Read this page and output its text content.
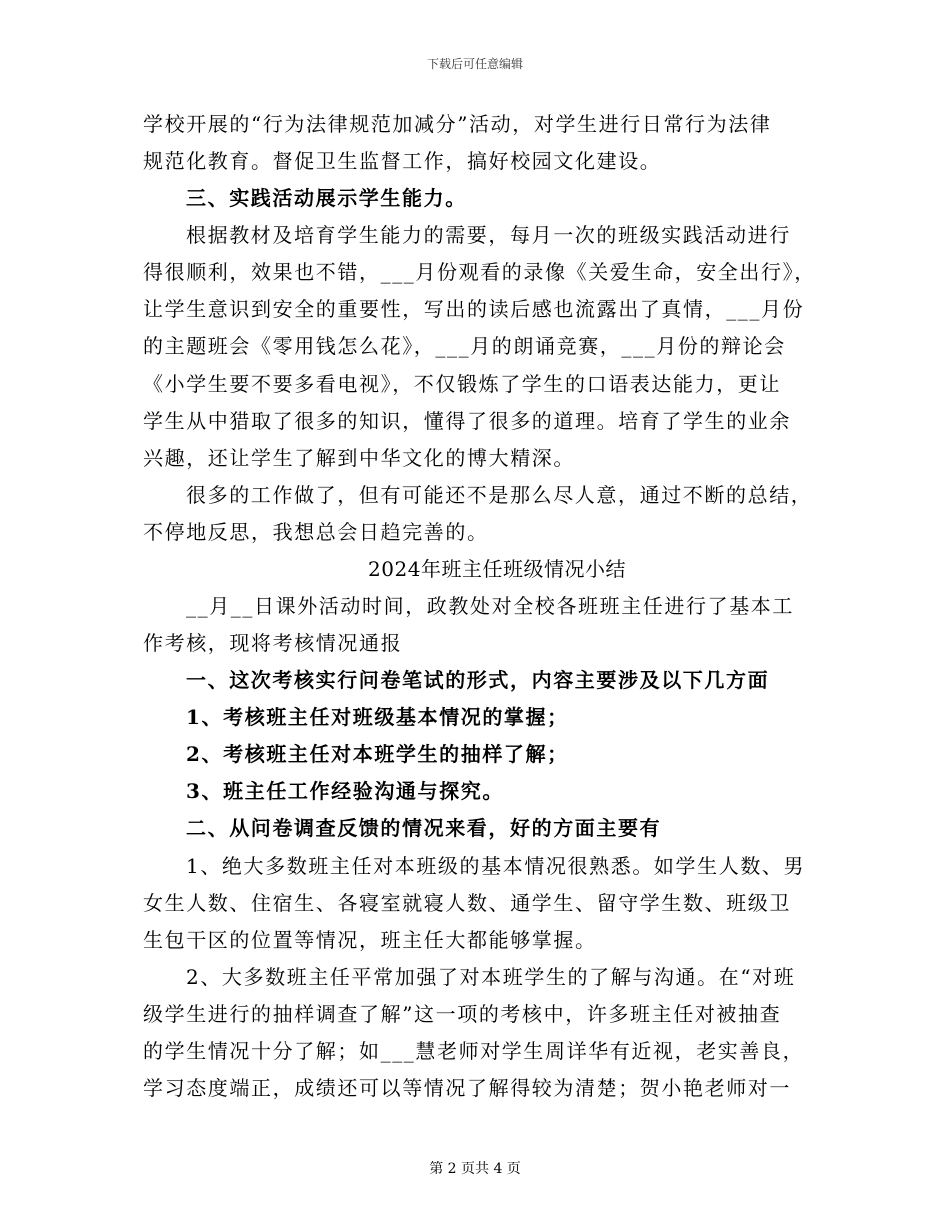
下载后可任意编辑
学校开展的“行为法律规范加减分”活动，对学生进行日常行为法律
规范化教育。督促卫生监督工作，搞好校园文化建设。
三、实践活动展示学生能力。
根据教材及培育学生能力的需要，每月一次的班级实践活动进行
得很顺利，效果也不错，___月份观看的录像《关爱生命，安全出行》，
让学生意识到安全的重要性，写出的读后感也流露出了真情，___月份
的主题班会《零用钱怎么花》，___月的朗诵竞赛，___月份的辩论会
《小学生要不要多看电视》，不仅锻炼了学生的口语表达能力，更让
学生从中猎取了很多的知识，懂得了很多的道理。培育了学生的业余
兴趣，还让学生了解到中华文化的博大精深。
很多的工作做了，但有可能还不是那么尽人意，通过不断的总结，
不停地反思，我想总会日趋完善的。
2024年班主任班级情况小结
__月__日课外活动时间，政教处对全校各班班主任进行了基本工
作考核，现将考核情况通报
一、这次考核实行问卷笔试的形式，内容主要涉及以下几方面
1、考核班主任对班级基本情况的掌握；
2、考核班主任对本班学生的抽样了解；
3、班主任工作经验沟通与探究。
二、从问卷调查反馈的情况来看，好的方面主要有
1、绝大多数班主任对本班级的基本情况很熟悉。如学生人数、男
女生人数、住宿生、各寝室就寝人数、通学生、留守学生数、班级卫
生包干区的位置等情况，班主任大都能够掌握。
2、大多数班主任平常加强了对本班学生的了解与沟通。在“对班
级学生进行的抽样调查了解”这一项的考核中，许多班主任对被抽查
的学生情况十分了解；如___慧老师对学生周详华有近视，老实善良，
学习态度端正，成绩还可以等情况了解得较为清楚；贺小艳老师对一
第 2 页共 4 页
